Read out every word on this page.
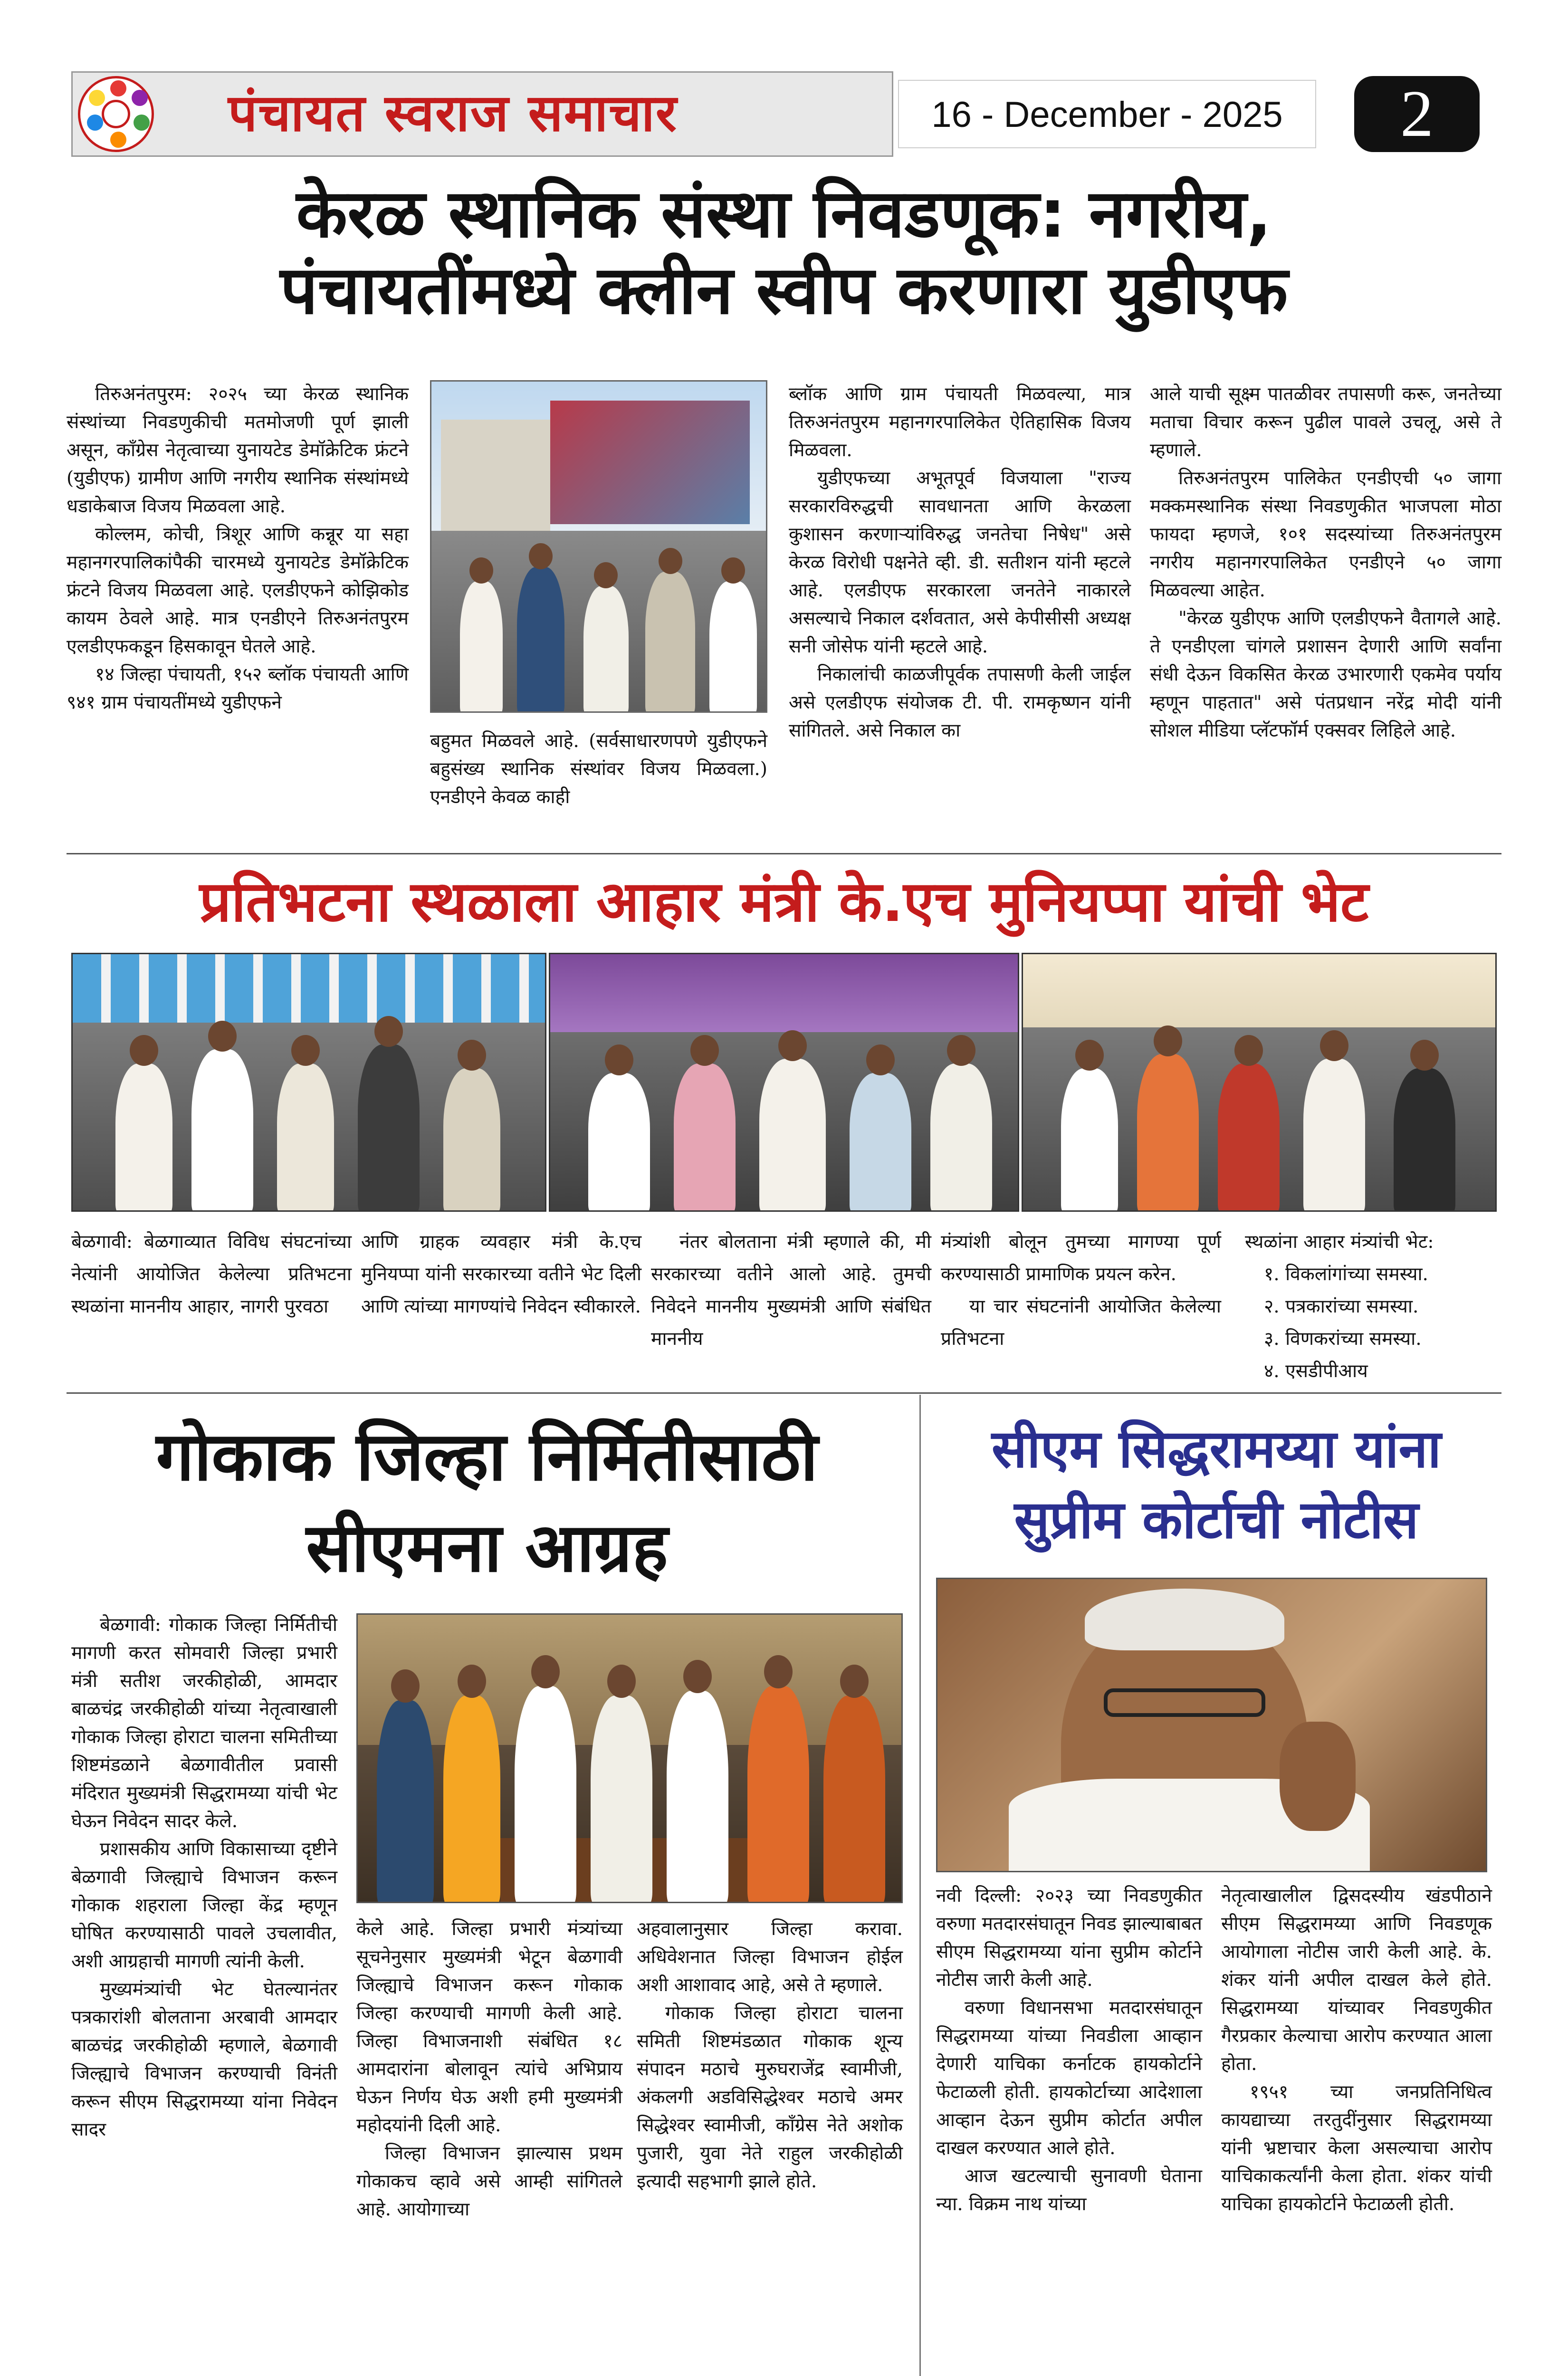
पंचायत स्वराज समाचार	16 - December - 2025	2
केरळ स्थानिक संस्था निवडणूक: नगरीय,
पंचायतींमध्ये क्लीन स्वीप करणारा युडीएफ

तिरुअनंतपुरम: २०२५ च्या केरळ स्थानिक संस्थांच्या निवडणुकीची मतमोजणी पूर्ण झाली असून, काँग्रेस नेतृत्वाच्या युनायटेड डेमॉक्रेटिक फ्रंटने (युडीएफ) ग्रामीण आणि नगरीय स्थानिक संस्थांमध्ये धडाकेबाज विजय मिळवला आहे.

कोल्लम, कोची, त्रिशूर आणि कन्नूर या सहा महानगरपालिकांपैकी चारमध्ये युनायटेड डेमॉक्रेटिक फ्रंटने विजय मिळवला आहे. एलडीएफने कोझिकोड कायम ठेवले आहे. मात्र एनडीएने तिरुअनंतपुरम एलडीएफकडून हिसकावून घेतले आहे.

१४ जिल्हा पंचायती, १५२ ब्लॉक पंचायती आणि ९४१ ग्राम पंचायतींमध्ये युडीएफने

बहुमत मिळवले आहे. (सर्वसाधारणपणे युडीएफने बहुसंख्य स्थानिक संस्थांवर विजय मिळवला.) एनडीएने केवळ काही

ब्लॉक आणि ग्राम पंचायती मिळवल्या, मात्र तिरुअनंतपुरम महानगरपालिकेत ऐतिहासिक विजय मिळवला.

युडीएफच्या अभूतपूर्व विजयाला "राज्य सरकारविरुद्धची सावधानता आणि केरळला कुशासन करणाऱ्यांविरुद्ध जनतेचा निषेध" असे केरळ विरोधी पक्षनेते व्ही. डी. सतीशन यांनी म्हटले आहे. एलडीएफ सरकारला जनतेने नाकारले असल्याचे निकाल दर्शवतात, असे केपीसीसी अध्यक्ष सनी जोसेफ यांनी म्हटले आहे.

निकालांची काळजीपूर्वक तपासणी केली जाईल असे एलडीएफ संयोजक टी. पी. रामकृष्णन यांनी सांगितले. असे निकाल का

आले याची सूक्ष्म पातळीवर तपासणी करू, जनतेच्या मताचा विचार करून पुढील पावले उचलू, असे ते म्हणाले.

तिरुअनंतपुरम पालिकेत एनडीएची ५० जागा मक्कमस्थानिक संस्था निवडणुकीत भाजपला मोठा फायदा म्हणजे, १०१ सदस्यांच्या तिरुअनंतपुरम नगरीय महानगरपालिकेत एनडीएने ५० जागा मिळवल्या आहेत.

"केरळ युडीएफ आणि एलडीएफने वैतागले आहे. ते एनडीएला चांगले प्रशासन देणारी आणि सर्वांना संधी देऊन विकसित केरळ उभारणारी एकमेव पर्याय म्हणून पाहतात" असे पंतप्रधान नरेंद्र मोदी यांनी सोशल मीडिया प्लॅटफॉर्म एक्सवर लिहिले आहे.

प्रतिभटना स्थळाला आहार मंत्री के.एच मुनियप्पा यांची भेट

बेळगावी: बेळगाव्यात विविध संघटनांच्या नेत्यांनी आयोजित केलेल्या प्रतिभटना स्थळांना माननीय आहार, नागरी पुरवठा

आणि ग्राहक व्यवहार मंत्री के.एच मुनियप्पा यांनी सरकारच्या वतीने भेट दिली आणि त्यांच्या मागण्यांचे निवेदन स्वीकारले.

नंतर बोलताना मंत्री म्हणाले की, मी सरकारच्या वतीने आलो आहे. तुमची निवेदने माननीय मुख्यमंत्री आणि संबंधित माननीय

मंत्र्यांशी बोलून तुमच्या मागण्या पूर्ण करण्यासाठी प्रामाणिक प्रयत्न करेन.

या चार संघटनांनी आयोजित केलेल्या प्रतिभटना

स्थळांना आहार मंत्र्यांची भेट:
१. विकलांगांच्या समस्या.
२. पत्रकारांच्या समस्या.
३. विणकरांच्या समस्या.
४. एसडीपीआय
गोकाक जिल्हा निर्मितीसाठी
सीएमना आग्रह

बेळगावी: गोकाक जिल्हा निर्मितीची मागणी करत सोमवारी जिल्हा प्रभारी मंत्री सतीश जरकीहोळी, आमदार बाळचंद्र जरकीहोळी यांच्या नेतृत्वाखाली गोकाक जिल्हा होराटा चालना समितीच्या शिष्टमंडळाने बेळगावीतील प्रवासी मंदिरात मुख्यमंत्री सिद्धरामय्या यांची भेट घेऊन निवेदन सादर केले.

प्रशासकीय आणि विकासाच्या दृष्टीने बेळगावी जिल्ह्याचे विभाजन करून गोकाक शहराला जिल्हा केंद्र म्हणून घोषित करण्यासाठी पावले उचलावीत, अशी आग्रहाची मागणी त्यांनी केली.

मुख्यमंत्र्यांची भेट घेतल्यानंतर पत्रकारांशी बोलताना अरबावी आमदार बाळचंद्र जरकीहोळी म्हणाले, बेळगावी जिल्ह्याचे विभाजन करण्याची विनंती करून सीएम सिद्धरामय्या यांना निवेदन सादर

केले आहे. जिल्हा प्रभारी मंत्र्यांच्या सूचनेनुसार मुख्यमंत्री भेटून बेळगावी जिल्ह्याचे विभाजन करून गोकाक जिल्हा करण्याची मागणी केली आहे. जिल्हा विभाजनाशी संबंधित १८ आमदारांना बोलावून त्यांचे अभिप्राय घेऊन निर्णय घेऊ अशी हमी मुख्यमंत्री महोदयांनी दिली आहे.

जिल्हा विभाजन झाल्यास प्रथम गोकाकच व्हावे असे आम्ही सांगितले आहे. आयोगाच्या

अहवालानुसार जिल्हा करावा. अधिवेशनात जिल्हा विभाजन होईल अशी आशावाद आहे, असे ते म्हणाले.

गोकाक जिल्हा होराटा चालना समिती शिष्टमंडळात गोकाक शून्य संपादन मठाचे मुरुघराजेंद्र स्वामीजी, अंकलगी अडविसिद्धेश्वर मठाचे अमर सिद्धेश्वर स्वामीजी, काँग्रेस नेते अशोक पुजारी, युवा नेते राहुल जरकीहोळी इत्यादी सहभागी झाले होते.

सीएम सिद्धरामय्या यांना
सुप्रीम कोर्टाची नोटीस

नवी दिल्ली: २०२३ च्या निवडणुकीत वरुणा मतदारसंघातून निवड झाल्याबाबत सीएम सिद्धरामय्या यांना सुप्रीम कोर्टाने नोटीस जारी केली आहे.

वरुणा विधानसभा मतदारसंघातून सिद्धरामय्या यांच्या निवडीला आव्हान देणारी याचिका कर्नाटक हायकोर्टाने फेटाळली होती. हायकोर्टाच्या आदेशाला आव्हान देऊन सुप्रीम कोर्टात अपील दाखल करण्यात आले होते.

आज खटल्याची सुनावणी घेताना न्या. विक्रम नाथ यांच्या

नेतृत्वाखालील द्विसदस्यीय खंडपीठाने सीएम सिद्धरामय्या आणि निवडणूक आयोगाला नोटीस जारी केली आहे. के. शंकर यांनी अपील दाखल केले होते. सिद्धरामय्या यांच्यावर निवडणुकीत गैरप्रकार केल्याचा आरोप करण्यात आला होता.

१९५१ च्या जनप्रतिनिधित्व कायद्याच्या तरतुदींनुसार सिद्धरामय्या यांनी भ्रष्टाचार केला असल्याचा आरोप याचिकाकर्त्यांनी केला होता. शंकर यांची याचिका हायकोर्टाने फेटाळली होती.
